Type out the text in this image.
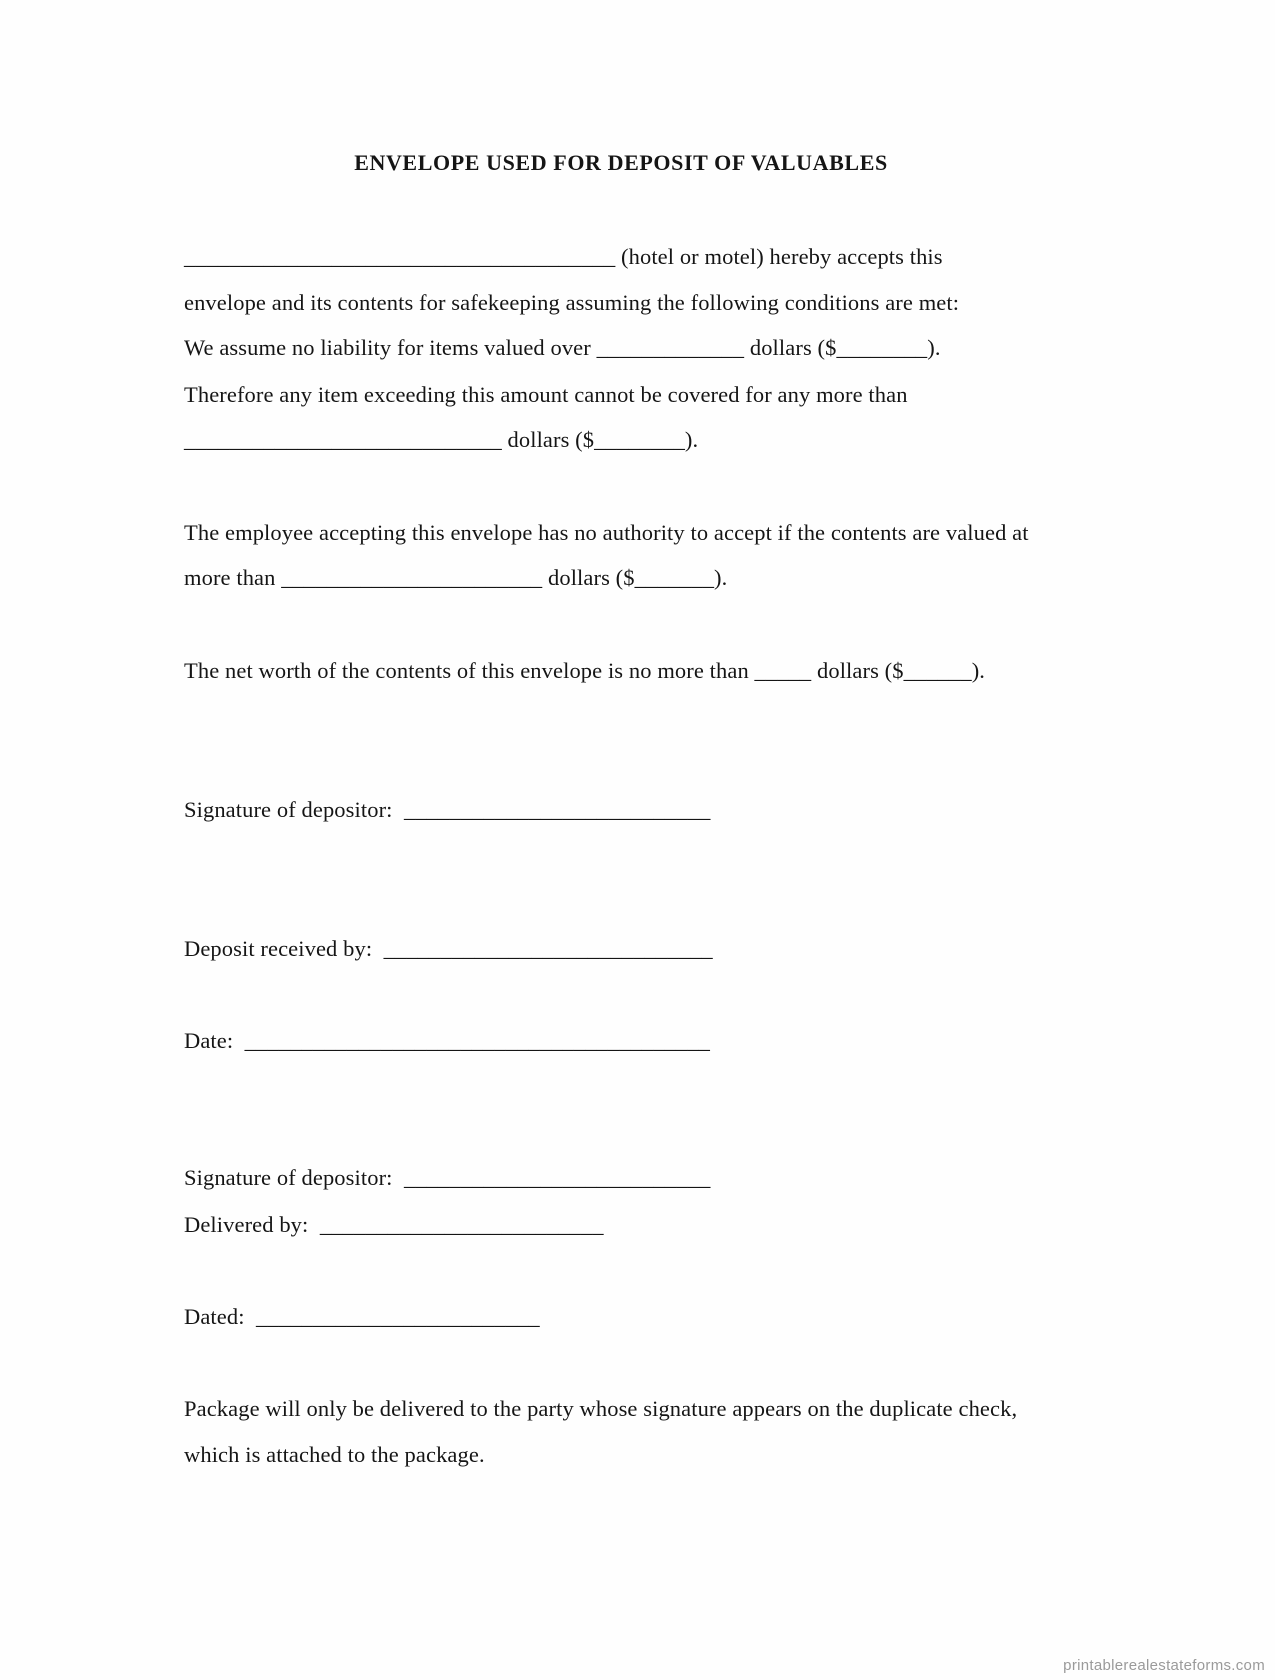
ENVELOPE USED FOR DEPOSIT OF VALUABLES
______________________________________ (hotel or motel) hereby accepts this
envelope and its contents for safekeeping assuming the following conditions are met:
We assume no liability for items valued over _____________ dollars ($________).
Therefore any item exceeding this amount cannot be covered for any more than
____________________________ dollars ($________).
The employee accepting this envelope has no authority to accept if the contents are valued at
more than _______________________ dollars ($_______).
The net worth of the contents of this envelope is no more than _____ dollars ($______).
Signature of depositor:  ___________________________
Deposit received by:  _____________________________
Date:  _________________________________________
Signature of depositor:  ___________________________
Delivered by:  _________________________
Dated:  _________________________
Package will only be delivered to the party whose signature appears on the duplicate check,
which is attached to the package.
printablerealestateforms.com
